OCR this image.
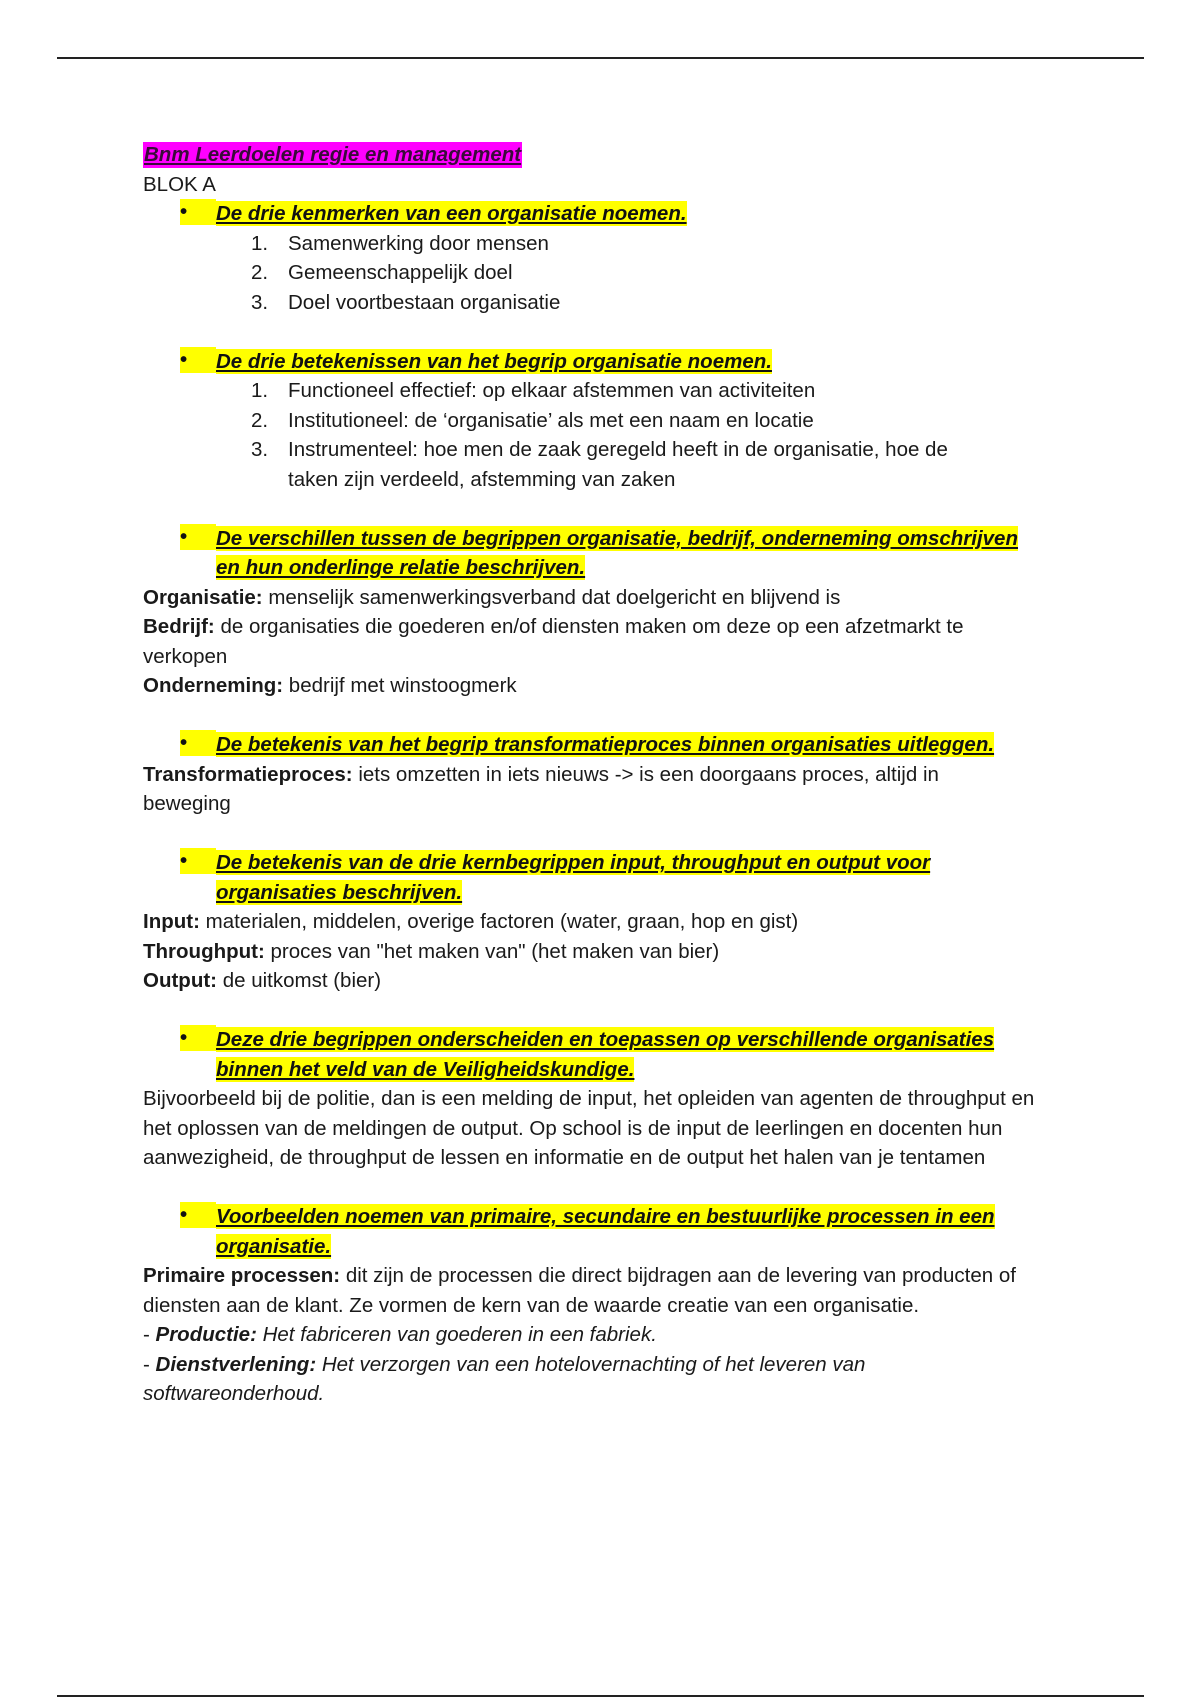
Bnm Leerdoelen regie en management
BLOK A
•	De drie kenmerken van een organisatie noemen.
1. Samenwerking door mensen
2. Gemeenschappelijk doel
3. Doel voortbestaan organisatie
•	De drie betekenissen van het begrip organisatie noemen.
1. Functioneel effectief: op elkaar afstemmen van activiteiten
2. Institutioneel: de ‘organisatie’ als met een naam en locatie
3. Instrumenteel: hoe men de zaak geregeld heeft in de organisatie, hoe de taken zijn verdeeld, afstemming van zaken
•	De verschillen tussen de begrippen organisatie, bedrijf, onderneming omschrijven
en hun onderlinge relatie beschrijven.
Organisatie: menselijk samenwerkingsverband dat doelgericht en blijvend is
Bedrijf: de organisaties die goederen en/of diensten maken om deze op een afzetmarkt te verkopen
Onderneming: bedrijf met winstoogmerk
•	De betekenis van het begrip transformatieproces binnen organisaties uitleggen.
Transformatieproces: iets omzetten in iets nieuws -> is een doorgaans proces, altijd in beweging
•	De betekenis van de drie kernbegrippen input, throughput en output voor
organisaties beschrijven.
Input: materialen, middelen, overige factoren (water, graan, hop en gist)
Throughput: proces van "het maken van" (het maken van bier)
Output: de uitkomst (bier)
•	Deze drie begrippen onderscheiden en toepassen op verschillende organisaties
binnen het veld van de Veiligheidskundige.
Bijvoorbeeld bij de politie, dan is een melding de input, het opleiden van agenten de throughput en het oplossen van de meldingen de output. Op school is de input de leerlingen en docenten hun aanwezigheid, de throughput de lessen en informatie en de output het halen van je tentamen
•	Voorbeelden noemen van primaire, secundaire en bestuurlijke processen in een
organisatie.
Primaire processen: dit zijn de processen die direct bijdragen aan de levering van producten of diensten aan de klant. Ze vormen de kern van de waarde creatie van een organisatie.
- Productie: Het fabriceren van goederen in een fabriek.
- Dienstverlening: Het verzorgen van een hotelovernachting of het leveren van softwareonderhoud.
